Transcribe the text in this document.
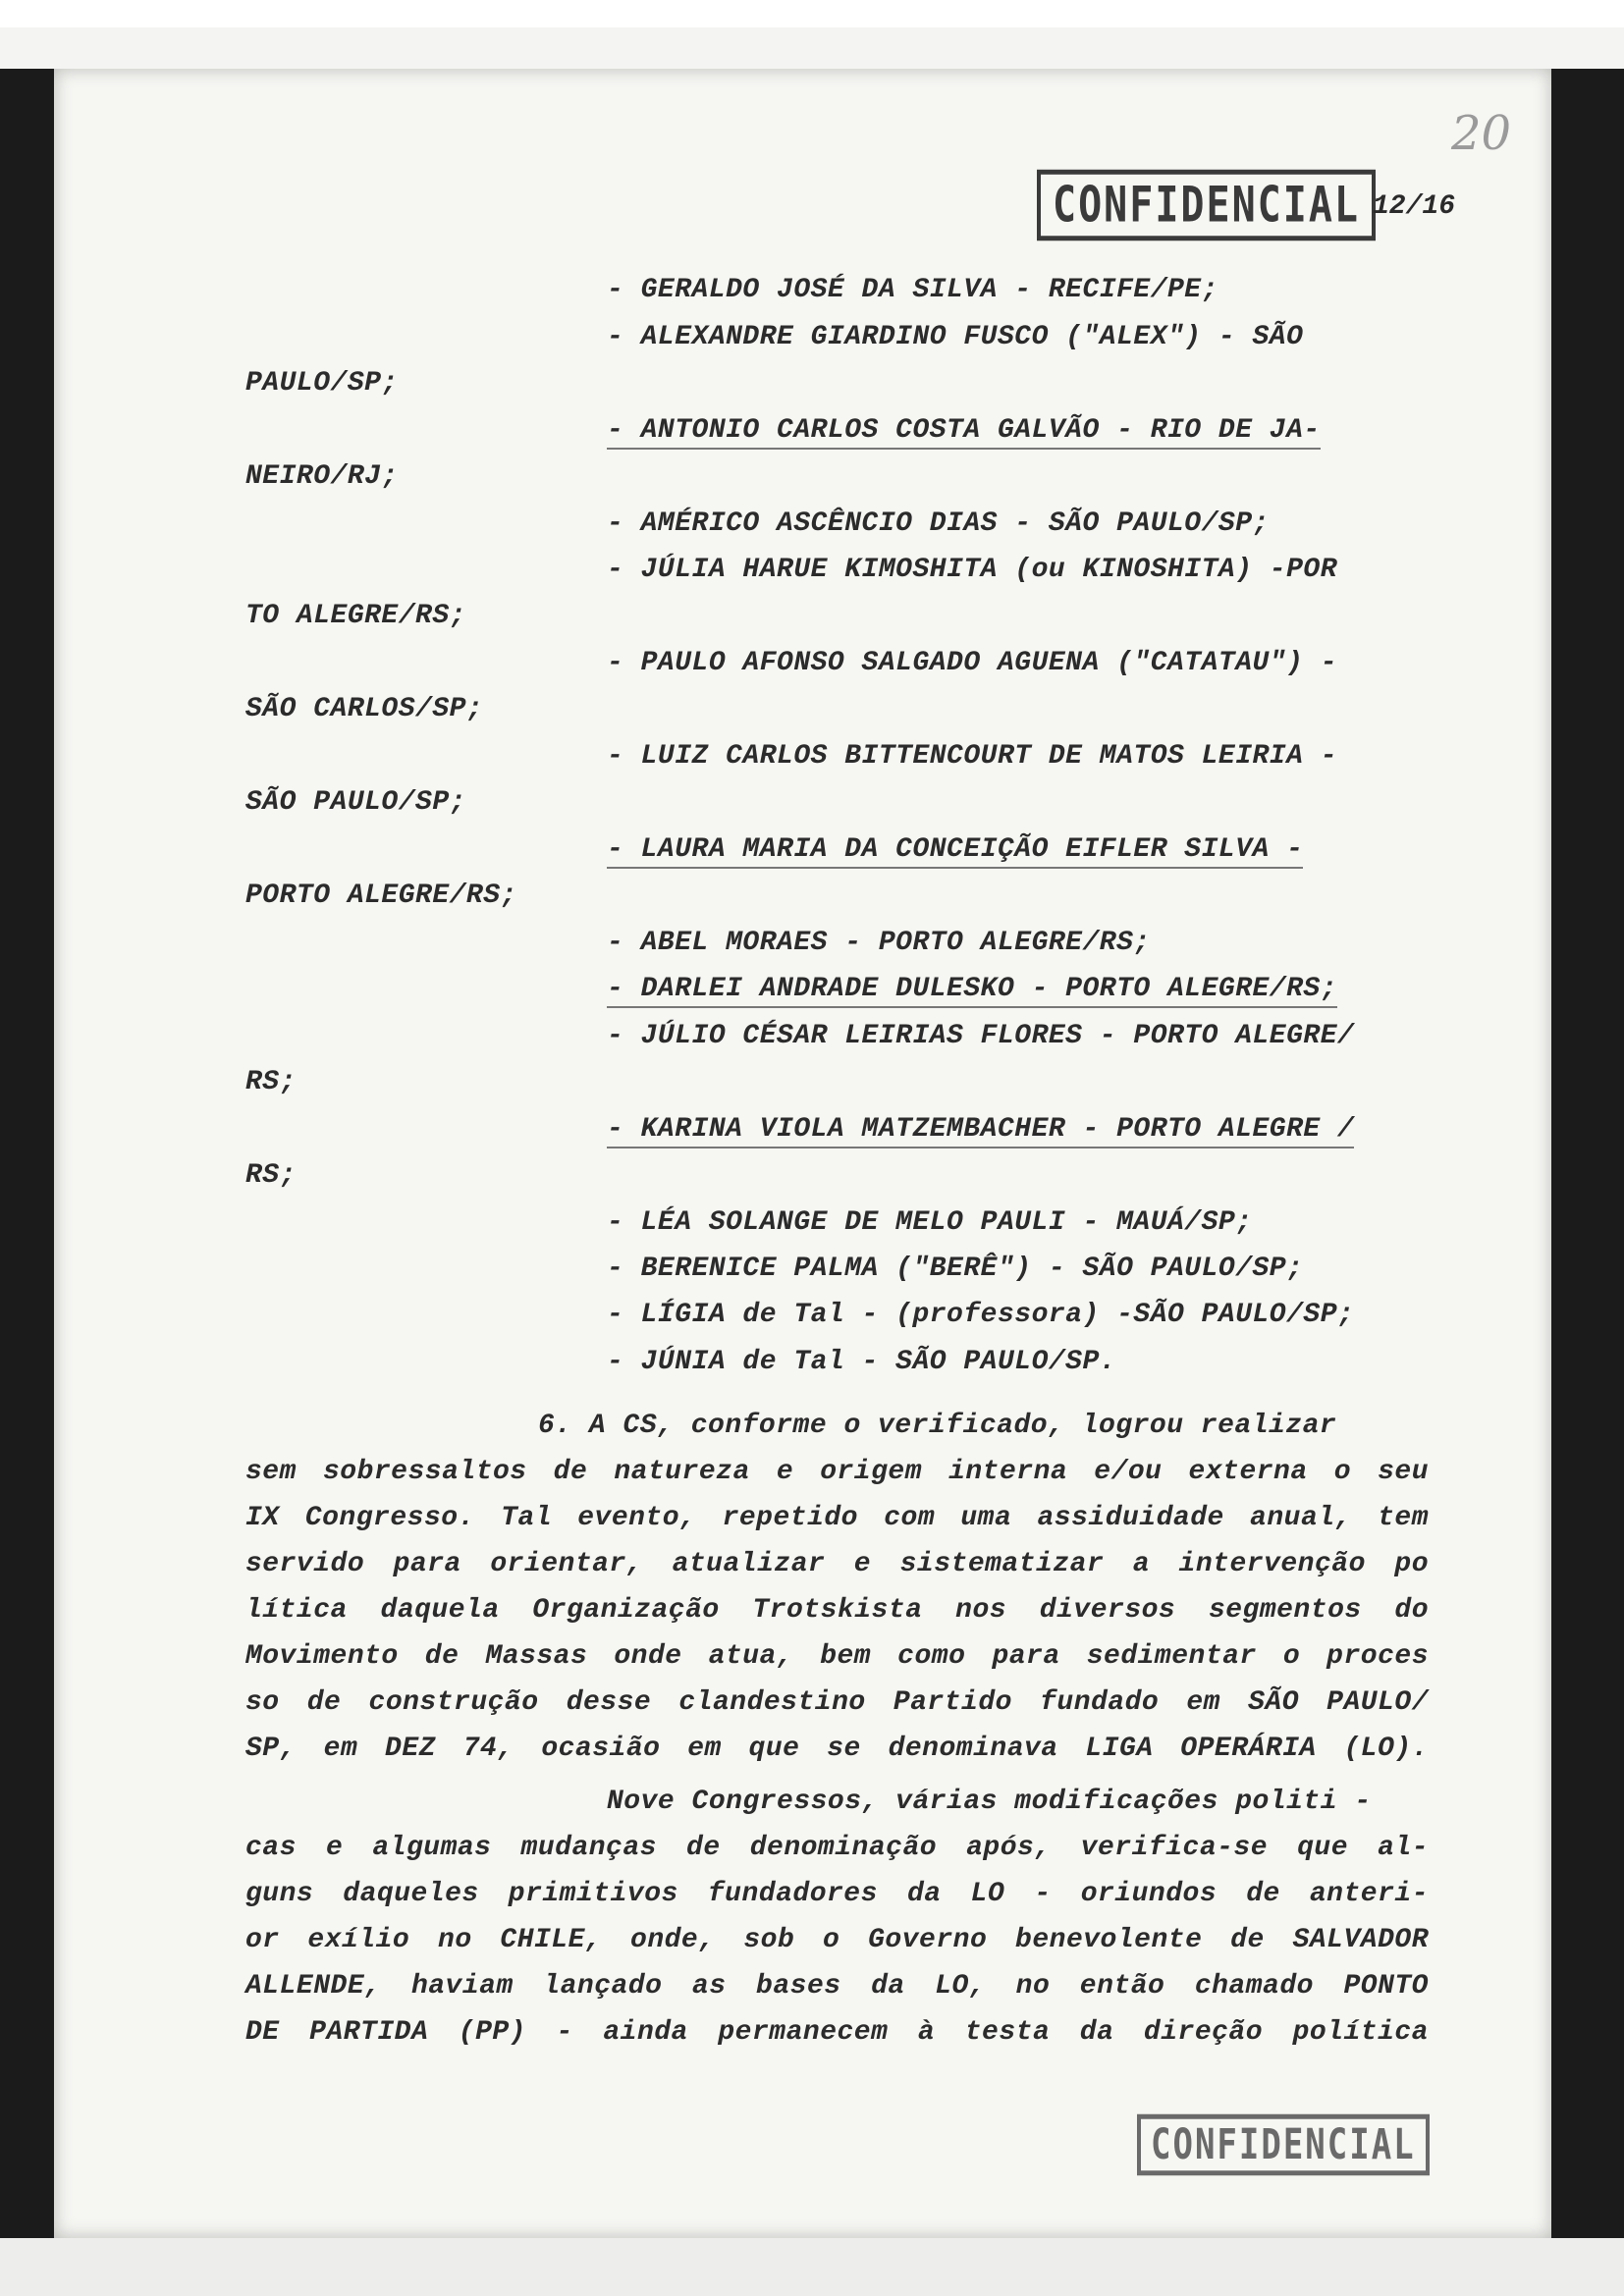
20
CONFIDENCIAL 12/16

- GERALDO JOSÉ DA SILVA - RECIFE/PE;

- ALEXANDRE GIARDINO FUSCO ("ALEX") - SÃO

PAULO/SP;

- ANTONIO CARLOS COSTA GALVÃO - RIO DE JA-

NEIRO/RJ;

- AMÉRICO ASCÊNCIO DIAS - SÃO PAULO/SP;

- JÚLIA HARUE KIMOSHITA (ou KINOSHITA) -POR

TO ALEGRE/RS;

- PAULO AFONSO SALGADO AGUENA ("CATATAU") -

SÃO CARLOS/SP;

- LUIZ CARLOS BITTENCOURT DE MATOS LEIRIA -

SÃO PAULO/SP;

- LAURA MARIA DA CONCEIÇÃO EIFLER SILVA -

PORTO ALEGRE/RS;

- ABEL MORAES - PORTO ALEGRE/RS;

- DARLEI ANDRADE DULESKO - PORTO ALEGRE/RS;

- JÚLIO CÉSAR LEIRIAS FLORES - PORTO ALEGRE/

RS;

- KARINA VIOLA MATZEMBACHER - PORTO ALEGRE /

RS;

- LÉA SOLANGE DE MELO PAULI - MAUÁ/SP;

- BERENICE PALMA ("BERÊ") - SÃO PAULO/SP;

- LÍGIA de Tal - (professora) -SÃO PAULO/SP;

- JÚNIA de Tal - SÃO PAULO/SP.

6. A CS, conforme o verificado, logrou realizar

sem sobressaltos de natureza e origem interna e/ou externa o seu

IX Congresso. Tal evento, repetido com uma assiduidade anual, tem

servido para orientar, atualizar e sistematizar a intervenção po

lítica daquela Organização Trotskista nos diversos segmentos do

Movimento de Massas onde atua, bem como para sedimentar o proces

so de construção desse clandestino Partido fundado em SÃO PAULO/

SP, em DEZ 74, ocasião em que se denominava LIGA OPERÁRIA (LO).

Nove Congressos, várias modificações politi -

cas e algumas mudanças de denominação após, verifica-se que al-

guns daqueles primitivos fundadores da LO - oriundos de anteri-

or exílio no CHILE, onde, sob o Governo benevolente de SALVADOR

ALLENDE, haviam lançado as bases da LO, no então chamado PONTO

DE PARTIDA (PP) - ainda permanecem à testa da direção política

CONFIDENCIAL
